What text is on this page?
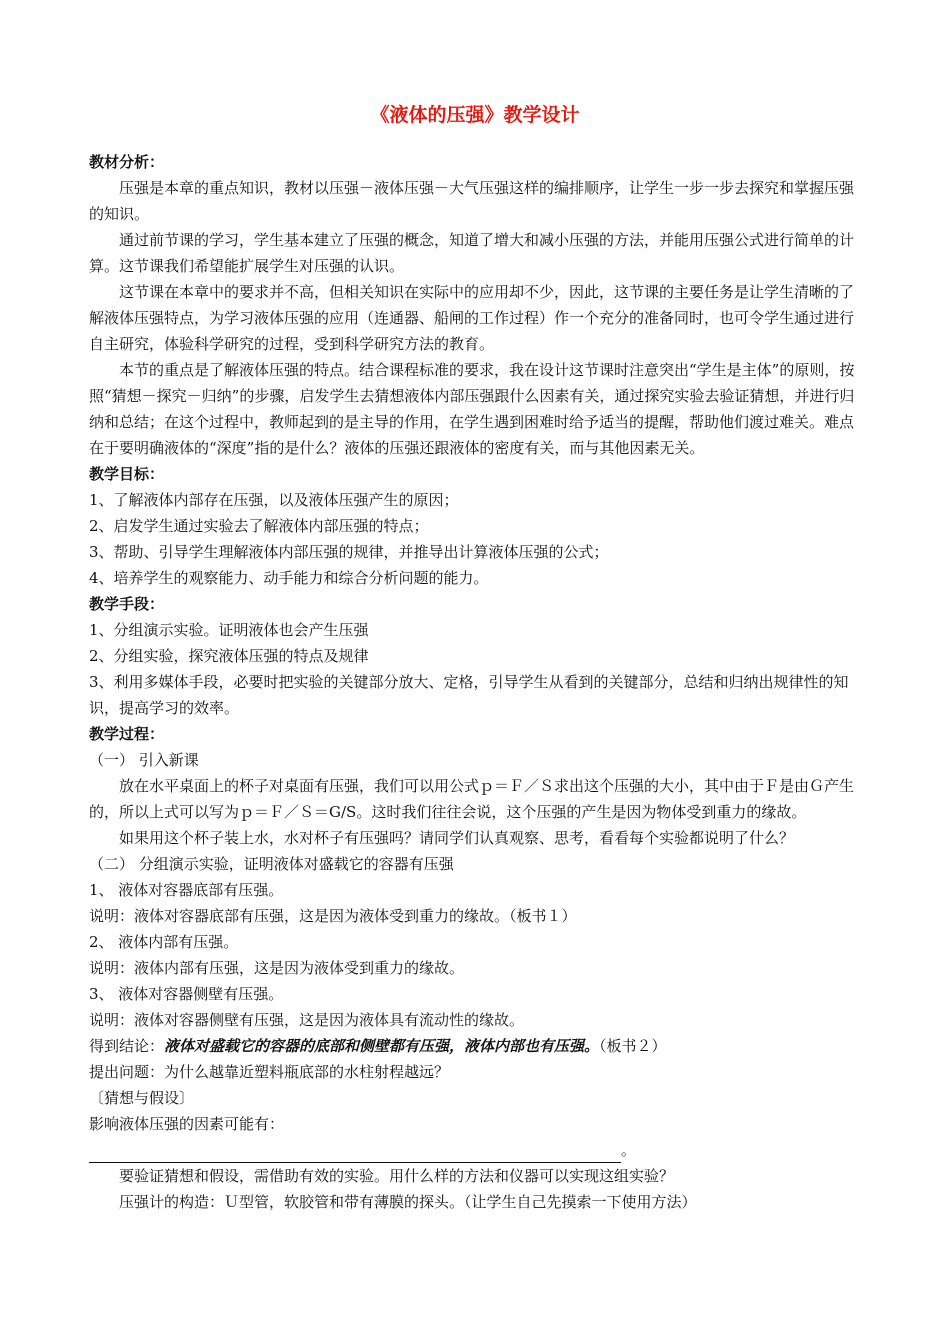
《液体的压强》教学设计

教材分析：

压强是本章的重点知识，教材以压强－液体压强－大气压强这样的编排顺序，让学生一步一步去探究和掌握压强的知识。

通过前节课的学习，学生基本建立了压强的概念，知道了增大和减小压强的方法，并能用压强公式进行简单的计算。这节课我们希望能扩展学生对压强的认识。

这节课在本章中的要求并不高，但相关知识在实际中的应用却不少，因此，这节课的主要任务是让学生清晰的了解液体压强特点，为学习液体压强的应用（连通器、船闸的工作过程）作一个充分的准备同时，也可令学生通过进行自主研究，体验科学研究的过程，受到科学研究方法的教育。

本节的重点是了解液体压强的特点。结合课程标准的要求，我在设计这节课时注意突出“学生是主体”的原则，按照“猜想－探究－归纳”的步骤，启发学生去猜想液体内部压强跟什么因素有关，通过探究实验去验证猜想，并进行归纳和总结；在这个过程中，教师起到的是主导的作用，在学生遇到困难时给予适当的提醒，帮助他们渡过难关。难点在于要明确液体的“深度”指的是什么？液体的压强还跟液体的密度有关，而与其他因素无关。

教学目标：

1、了解液体内部存在压强，以及液体压强产生的原因；

2、启发学生通过实验去了解液体内部压强的特点；

3、帮助、引导学生理解液体内部压强的规律，并推导出计算液体压强的公式；

4、培养学生的观察能力、动手能力和综合分析问题的能力。

教学手段：

1、分组演示实验。证明液体也会产生压强

2、分组实验，探究液体压强的特点及规律

3、利用多媒体手段，必要时把实验的关键部分放大、定格，引导学生从看到的关键部分，总结和归纳出规律性的知识，提高学习的效率。

教学过程：

（一） 引入新课

放在水平桌面上的杯子对桌面有压强，我们可以用公式ｐ＝Ｆ／Ｓ求出这个压强的大小，其中由于Ｆ是由Ｇ产生的，所以上式可以写为ｐ＝Ｆ／Ｓ＝G/S。这时我们往往会说，这个压强的产生是因为物体受到重力的缘故。

如果用这个杯子装上水，水对杯子有压强吗？请同学们认真观察、思考，看看每个实验都说明了什么？

（二） 分组演示实验，证明液体对盛载它的容器有压强

1、 液体对容器底部有压强。

说明：液体对容器底部有压强，这是因为液体受到重力的缘故。（板书１）

2、 液体内部有压强。

说明：液体内部有压强，这是因为液体受到重力的缘故。

3、 液体对容器侧壁有压强。

说明：液体对容器侧壁有压强，这是因为液体具有流动性的缘故。

得到结论：液体对盛载它的容器的底部和侧壁都有压强，液体内部也有压强。（板书２）

提出问题：为什么越靠近塑料瓶底部的水柱射程越远？

〔猜想与假设〕

影响液体压强的因素可能有：

。

要验证猜想和假设，需借助有效的实验。用什么样的方法和仪器可以实现这组实验？

压强计的构造：Ｕ型管，软胶管和带有薄膜的探头。（让学生自己先摸索一下使用方法）
